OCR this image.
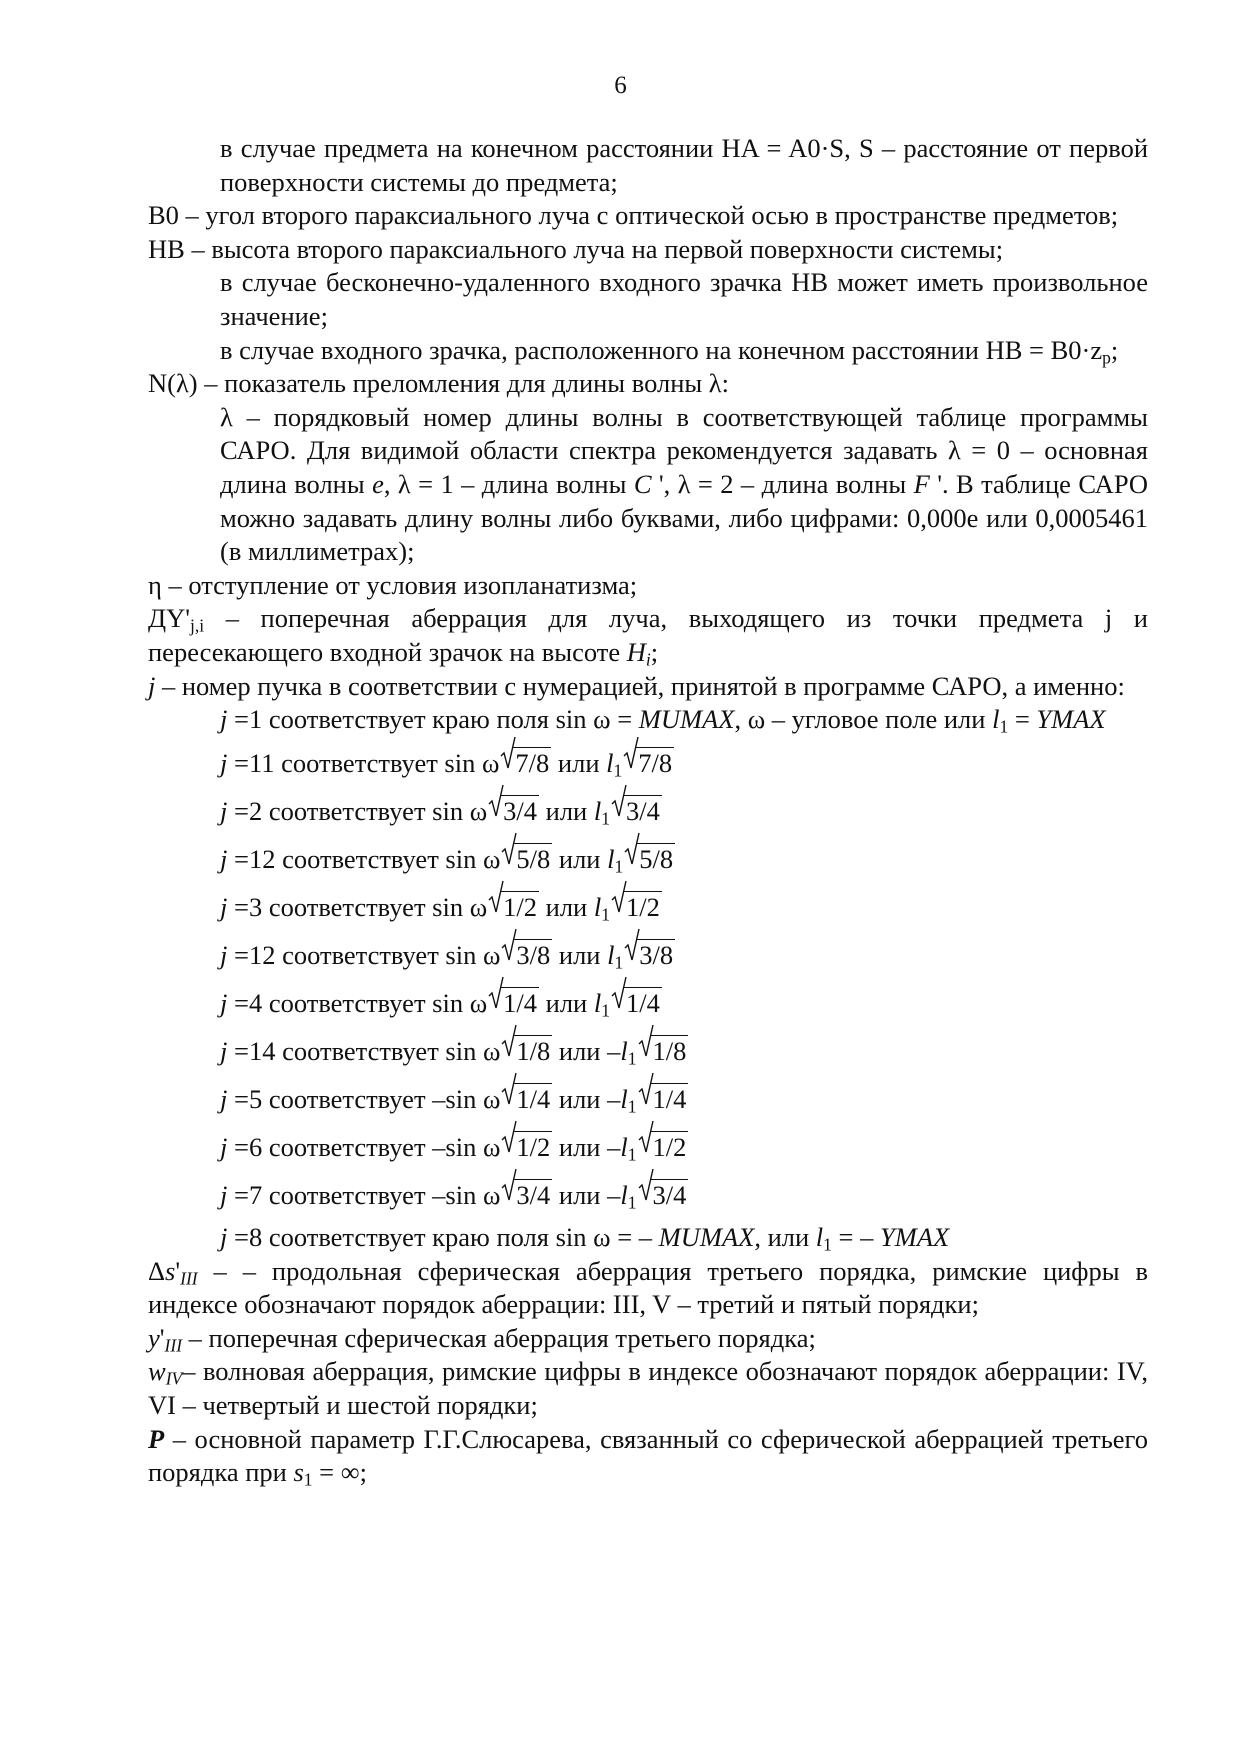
6
в случае предмета на конечном расстоянии HA = A0·S, S – расстояние от первой поверхности системы до предмета;
B0 – угол второго параксиального луча с оптической осью в пространстве предметов;
HB – высота второго параксиального луча на первой поверхности системы;
в случае бесконечно-удаленного входного зрачка HB может иметь произвольное значение;
в случае входного зрачка, расположенного на конечном расстоянии HB = $B0\cdot z_p$;
N(λ) – показатель преломления для длины волны λ:
λ – порядковый номер длины волны в соответствующей таблице программы САРО. Для видимой области спектра рекомендуется задавать λ = 0 – основная длина волны e, λ = 1 – длина волны C ', λ = 2 – длина волны F '. В таблице САРО можно задавать длину волны либо буквами, либо цифрами: 0,000е или 0,0005461 (в миллиметрах);
η – отступление от условия изопланатизма;
$ДY'_{j,i}$ – поперечная аберрация для луча, выходящего из точки предмета j и пересекающего входной зрачок на высоте $H_i$;
j – номер пучка в соответствии с нумерацией, принятой в программе САРО, а именно:
j =1 соответствует краю поля sin ω = MUMAX, ω – угловое поле или $l_1$ = YMAX
j =11 соответствует sin ω 7/8 или $l_1$ 7/8
j =2 соответствует sin ω 3/4 или $l_1$ 3/4
j =12 соответствует sin ω 5/8 или $l_1$ 5/8
j =3 соответствует sin ω 1/2 или $l_1$ 1/2
j =12 соответствует sin ω 3/8 или $l_1$ 3/8
j =4 соответствует sin ω 1/4 или $l_1$ 1/4
j =14 соответствует sin ω 1/8 или $-l_1$ 1/8
j =5 соответствует –sin ω 1/4 или $-l_1$ 1/4
j =6 соответствует –sin ω 1/2 или $-l_1$ 1/2
j =7 соответствует –sin ω 3/4 или $-l_1$ 3/4
j =8 соответствует краю поля sin ω = – MUMAX, или $l_1$ = – YMAX
$\Delta s'_{III}$ – – продольная сферическая аберрация третьего порядка, римские цифры в индексе обозначают порядок аберрации: III, V – третий и пятый порядки;
$y'_{III}$ – поперечная сферическая аберрация третьего порядка;
$w_{IV}-$ волновая аберрация, римские цифры в индексе обозначают порядок аберрации: IV, VI – четвертый и шестой порядки;
P – основной параметр Г.Г.Слюсарева, связанный со сферической аберрацией третьего порядка при $s_1$ = ∞;
